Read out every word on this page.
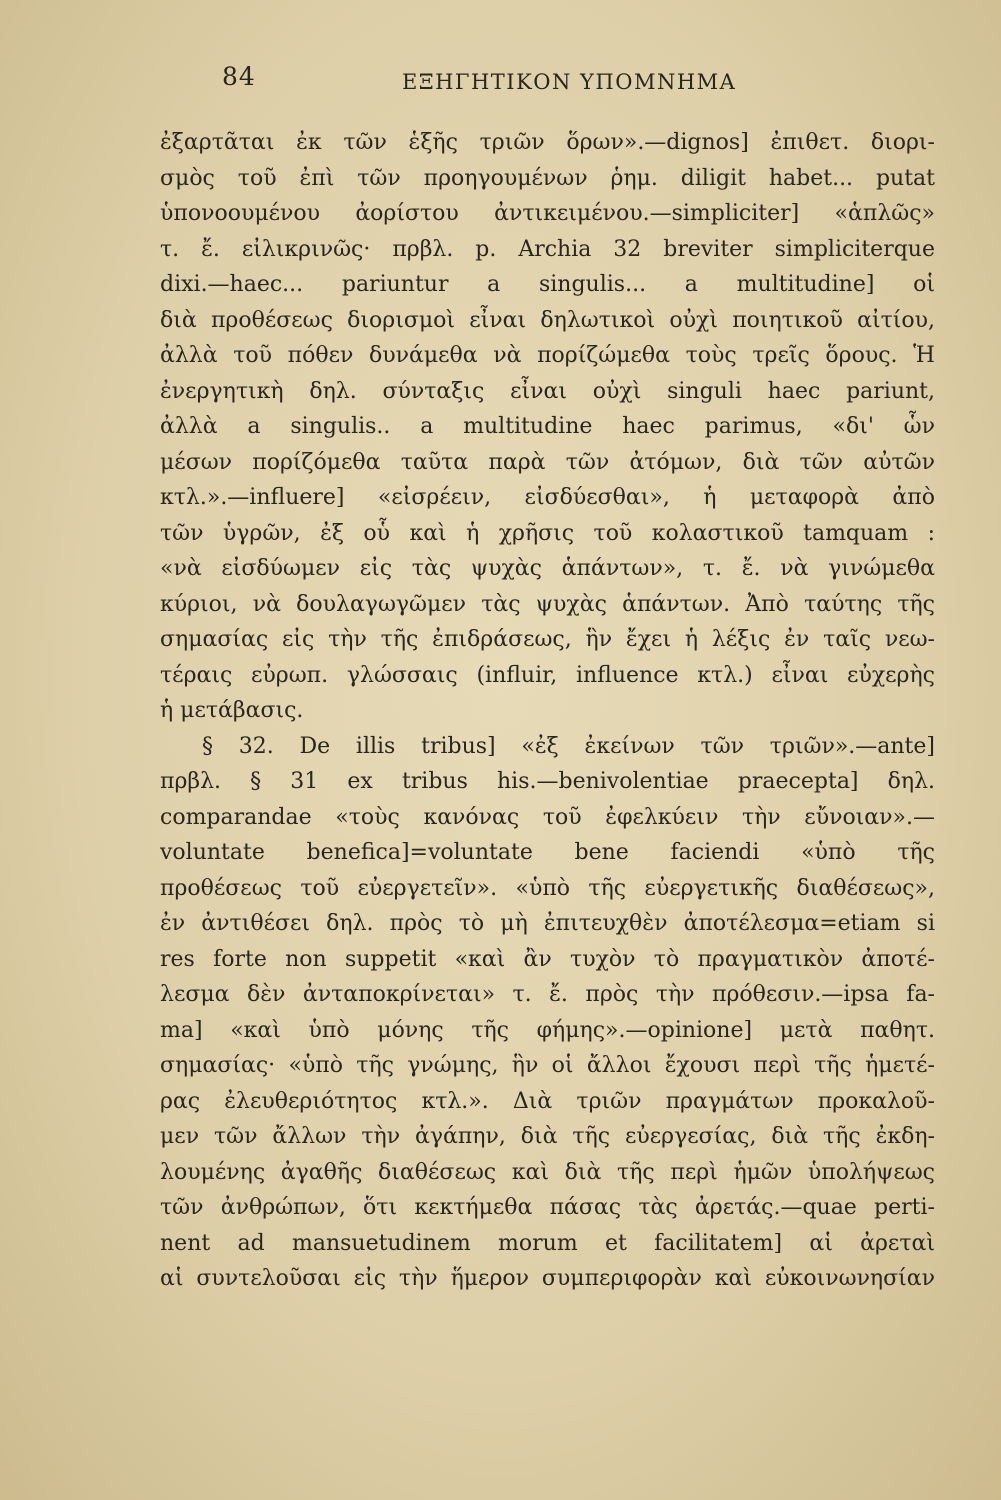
84	ΕΞΗΓΗΤΙΚΟΝ ΥΠΟΜΝΗΜΑ
ἐξαρτᾶται ἐκ τῶν ἑξῆς τριῶν ὅρων».—dignos] ἐπιθετ. διορι-
σμὸς τοῦ ἐπὶ τῶν προηγουμένων ῥημ. diligit habet... putat
ὑπονοουμένου ἀορίστου ἀντικειμένου.—simpliciter] «ἁπλῶς»
τ. ἔ. εἰλικρινῶς· πρβλ. p. Archia 32 breviter simpliciterque
dixi.—haec... pariuntur a singulis... a multitudine] οἱ
διὰ προθέσεως διορισμοὶ εἶναι δηλωτικοὶ οὐχὶ ποιητικοῦ αἰτίου,
ἀλλὰ τοῦ πόθεν δυνάμεθα νὰ πορίζώμεθα τοὺς τρεῖς ὅρους. Ἡ
ἐνεργητικὴ δηλ. σύνταξις εἶναι οὐχὶ singuli haec pariunt,
ἀλλὰ a singulis.. a multitudine haec parimus, «δι' ὧν
μέσων πορίζόμεθα ταῦτα παρὰ τῶν ἀτόμων, διὰ τῶν αὐτῶν
κτλ.».—influere] «εἰσρέειν, εἰσδύεσθαι», ἡ μεταφορὰ ἀπὸ
τῶν ὑγρῶν, ἐξ οὗ καὶ ἡ χρῆσις τοῦ κολαστικοῦ tamquam :
«νὰ εἰσδύωμεν εἰς τὰς ψυχὰς ἁπάντων», τ. ἔ. νὰ γινώμεθα
κύριοι, νὰ δουλαγωγῶμεν τὰς ψυχὰς ἁπάντων. Ἀπὸ ταύτης τῆς
σημασίας εἰς τὴν τῆς ἐπιδράσεως, ἣν ἔχει ἡ λέξις ἐν ταῖς νεω-
τέραις εὐρωπ. γλώσσαις (influir, influence κτλ.) εἶναι εὐχερὴς
ἡ μετάβασις.
§ 32. De illis tribus] «ἐξ ἐκείνων τῶν τριῶν».—ante]
πρβλ. § 31 ex tribus his.—benivolentiae praecepta] δηλ.
comparandae «τοὺς κανόνας τοῦ ἐφελκύειν τὴν εὔνοιαν».—
voluntate benefica]=voluntate bene faciendi «ὑπὸ τῆς
προθέσεως τοῦ εὐεργετεῖν». «ὑπὸ τῆς εὐεργετικῆς διαθέσεως»,
ἐν ἀντιθέσει δηλ. πρὸς τὸ μὴ ἐπιτευχθὲν ἀποτέλεσμα=etiam si
res forte non suppetit «καὶ ἂν τυχὸν τὸ πραγματικὸν ἀποτέ-
λεσμα δὲν ἀνταποκρίνεται» τ. ἔ. πρὸς τὴν πρόθεσιν.—ipsa fa-
ma] «καὶ ὑπὸ μόνης τῆς φήμης».—opinione] μετὰ παθητ.
σημασίας· «ὑπὸ τῆς γνώμης, ἣν οἱ ἄλλοι ἔχουσι περὶ τῆς ἡμετέ-
ρας ἐλευθεριότητος κτλ.». Διὰ τριῶν πραγμάτων προκαλοῦ-
μεν τῶν ἄλλων τὴν ἀγάπην, διὰ τῆς εὐεργεσίας, διὰ τῆς ἐκδη-
λουμένης ἀγαθῆς διαθέσεως καὶ διὰ τῆς περὶ ἡμῶν ὑπολήψεως
τῶν ἀνθρώπων, ὅτι κεκτήμεθα πάσας τὰς ἀρετάς.—quae perti-
nent ad mansuetudinem morum et facilitatem] αἱ ἀρεταὶ
αἱ συντελοῦσαι εἰς τὴν ἥμερον συμπεριφορὰν καὶ εὐκοινωνησίαν
